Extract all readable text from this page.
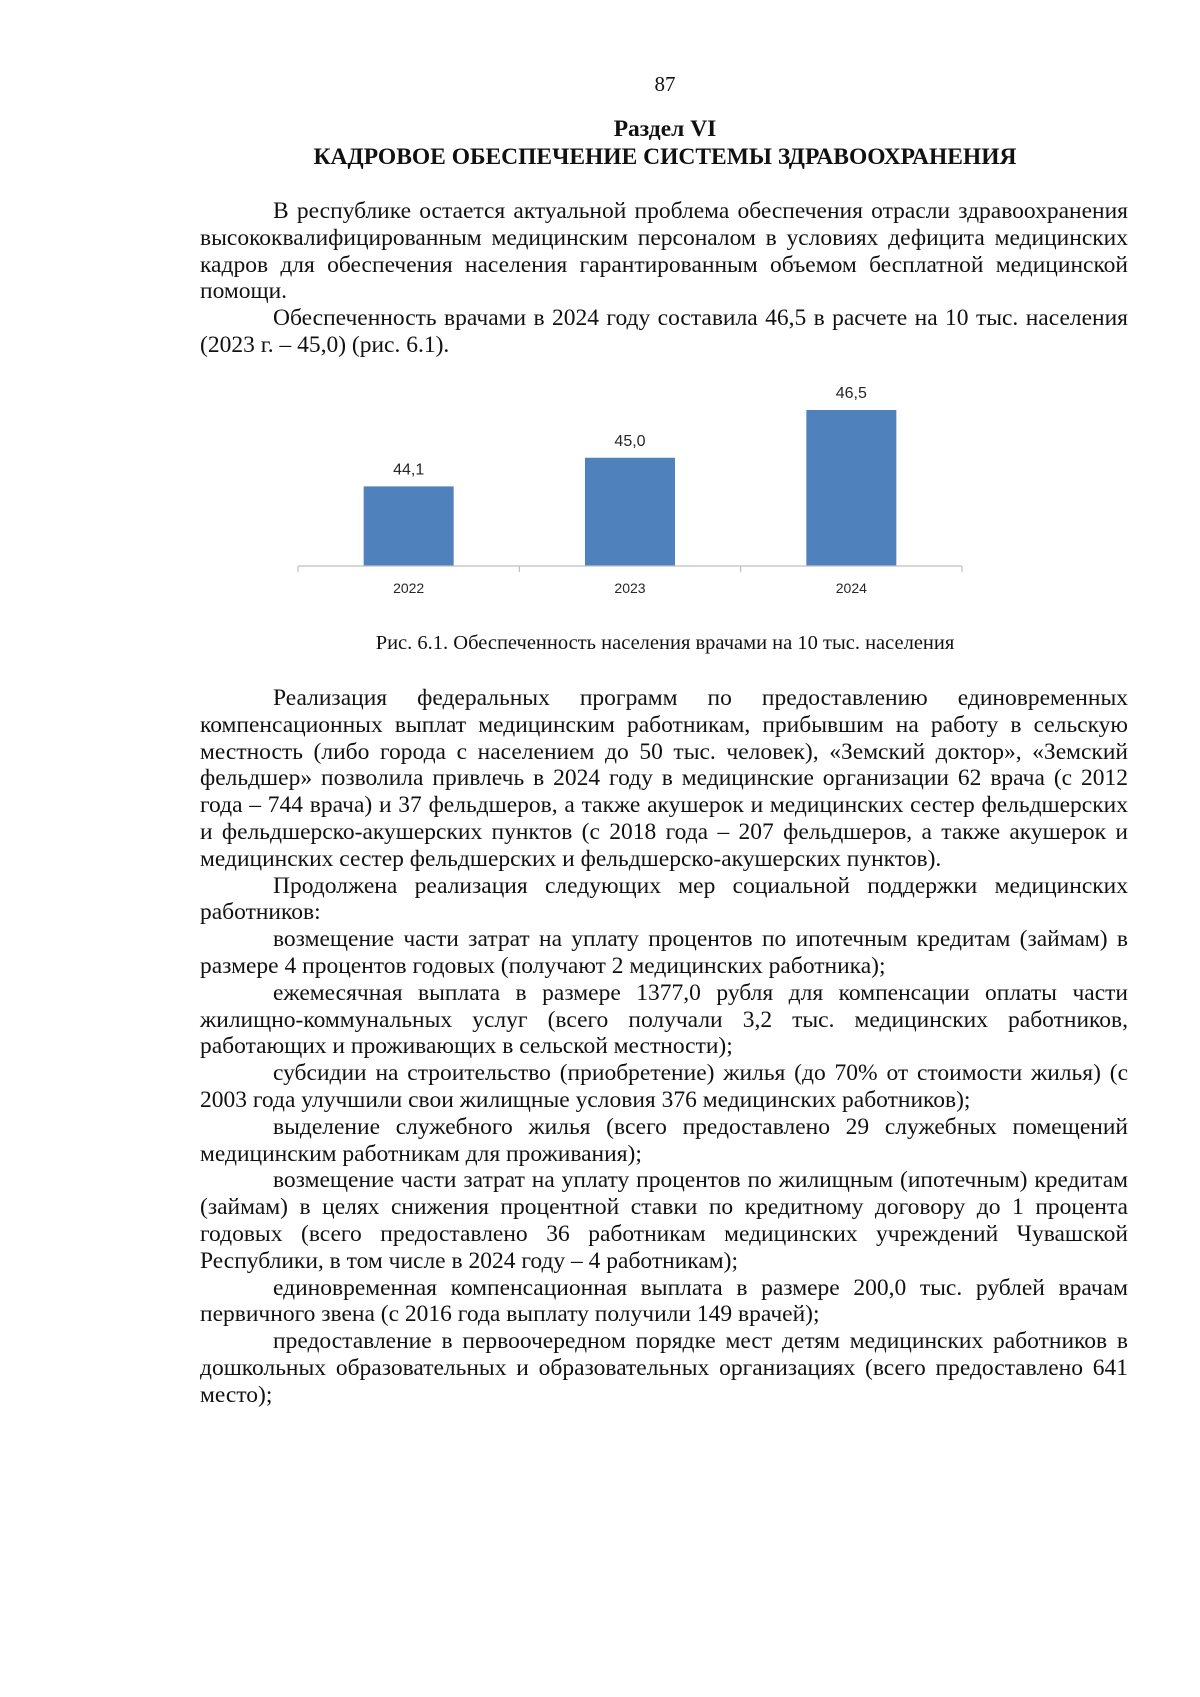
87

Раздел VI
КАДРОВОЕ ОБЕСПЕЧЕНИЕ СИСТЕМЫ ЗДРАВООХРАНЕНИЯ

В республике остается актуальной проблема обеспечения отрасли здравоохранения высококвалифицированным медицинским персоналом в условиях дефицита медицинских кадров для обеспечения населения гарантированным объемом бесплатной медицинской помощи.

Обеспеченность врачами в 2024 году составила 46,5 в расчете на 10 тыс. населения (2023 г. – 45,0) (рис. 6.1).

44,1
2022
45,0
2023
46,5
2024

Рис. 6.1. Обеспеченность населения врачами на 10 тыс. населения

Реализация федеральных программ по предоставлению единовременных компенсационных выплат медицинским работникам, прибывшим на работу в сельскую местность (либо города с населением до 50 тыс. человек), «Земский доктор», «Земский фельдшер» позволила привлечь в 2024 году в медицинские организации 62 врача (с 2012 года – 744 врача) и 37 фельдшеров, а также акушерок и медицинских сестер фельдшерских и фельдшерско-акушерских пунктов (с 2018 года – 207 фельдшеров, а также акушерок и медицинских сестер фельдшерских и фельдшерско-акушерских пунктов).

Продолжена реализация следующих мер социальной поддержки медицинских работников:

возмещение части затрат на уплату процентов по ипотечным кредитам (займам) в размере 4 процентов годовых (получают 2 медицинских работника);

ежемесячная выплата в размере 1377,0 рубля для компенсации оплаты части жилищно-коммунальных услуг (всего получали 3,2 тыс. медицинских работников, работающих и проживающих в сельской местности);

субсидии на строительство (приобретение) жилья (до 70% от стоимости жилья) (с 2003 года улучшили свои жилищные условия 376 медицинских работников);

выделение служебного жилья (всего предоставлено 29 служебных помещений медицинским работникам для проживания);

возмещение части затрат на уплату процентов по жилищным (ипотечным) кредитам (займам) в целях снижения процентной ставки по кредитному договору до 1 процента годовых (всего предоставлено 36 работникам медицинских учреждений Чувашской Республики, в том числе в 2024 году – 4 работникам);

единовременная компенсационная выплата в размере 200,0 тыс. рублей врачам первичного звена (с 2016 года выплату получили 149 врачей);

предоставление в первоочередном порядке мест детям медицинских работников в дошкольных образовательных и образовательных организациях (всего предоставлено 641 место);
